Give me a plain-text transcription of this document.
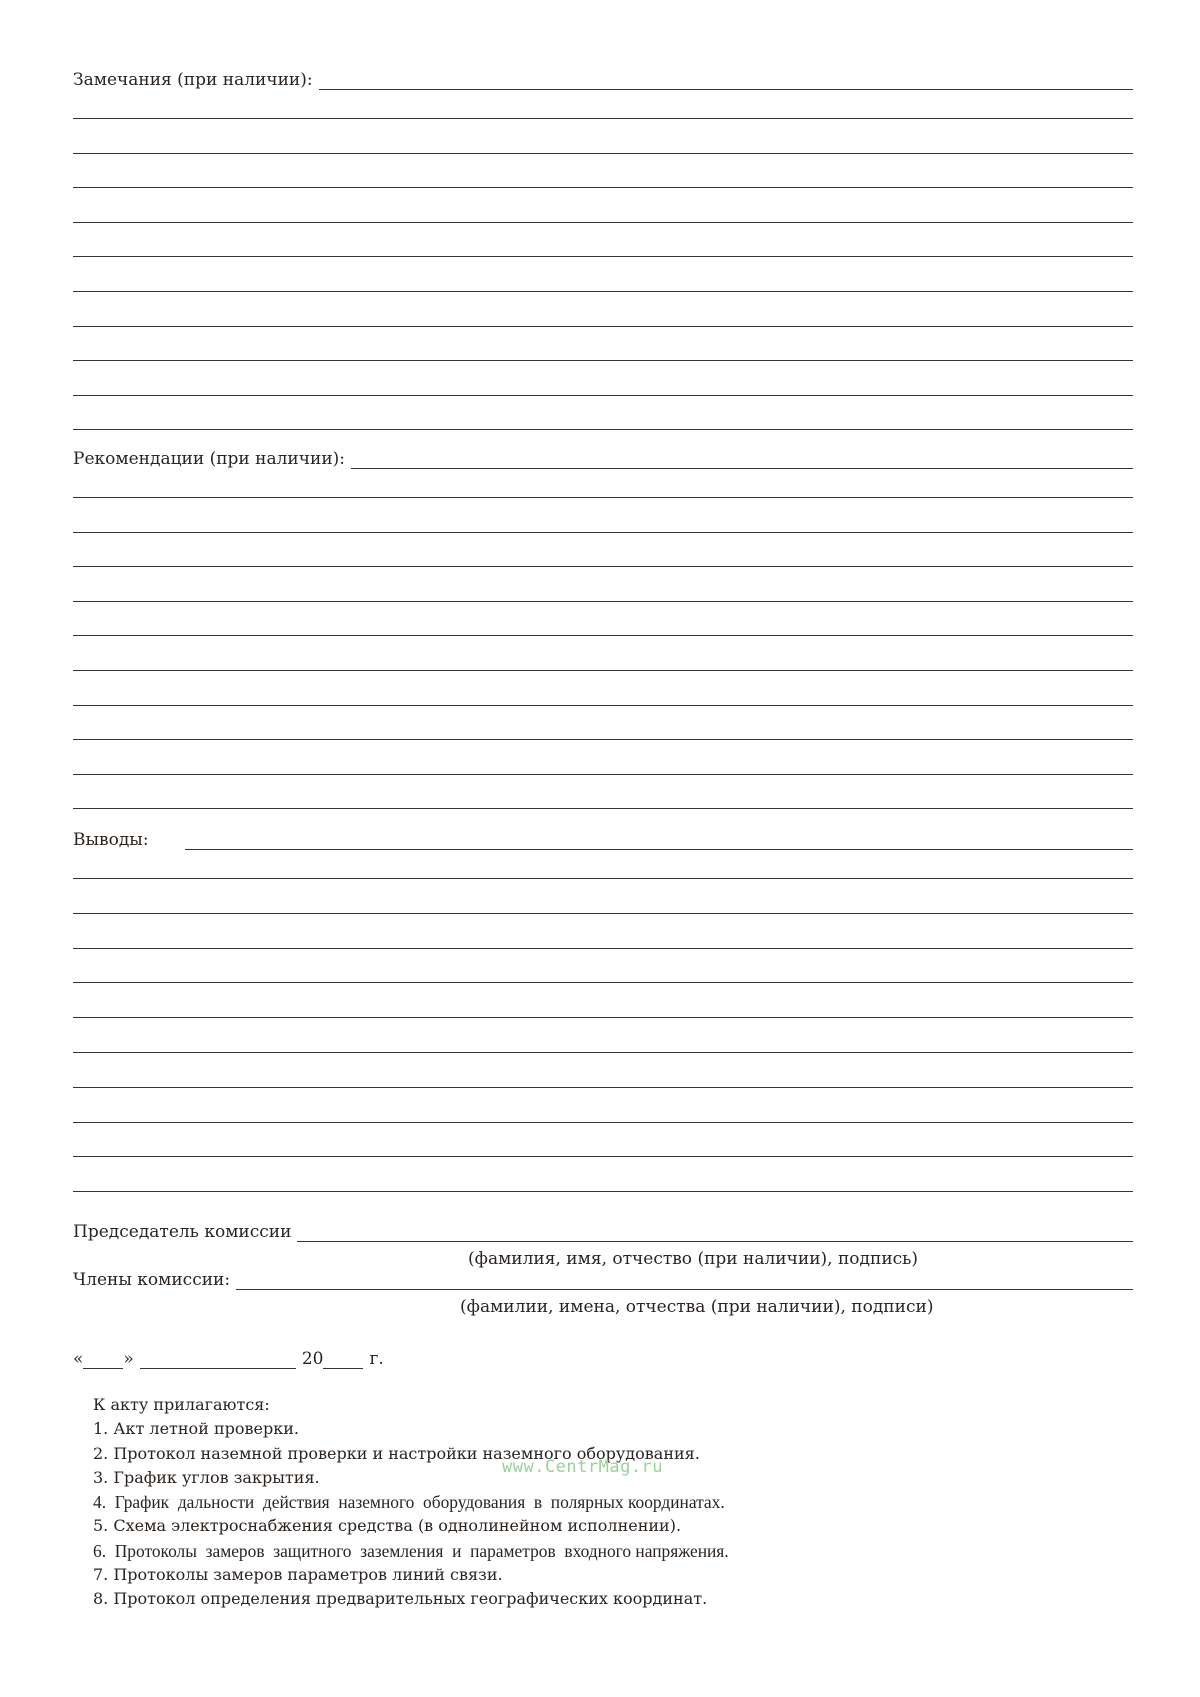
Замечания (при наличии):
Рекомендации (при наличии):
Выводы:
Председатель комиссии
(фамилия, имя, отчество (при наличии), подпись)
Члены комиссии:
(фамилии, имена, отчества (при наличии), подписи)
« »	20	г.
К акту прилагаются:
1. Акт летной проверки.
2. Протокол наземной проверки и настройки наземного оборудования.
3. График углов закрытия.
4.  График  дальности  действия  наземного  оборудования  в  полярных координатах.
5. Схема электроснабжения средства (в однолинейном исполнении).
6.  Протоколы  замеров  защитного  заземления  и  параметров  входного напряжения.
7. Протоколы замеров параметров линий связи.
8. Протокол определения предварительных географических координат.
www.CentrMag.ru
